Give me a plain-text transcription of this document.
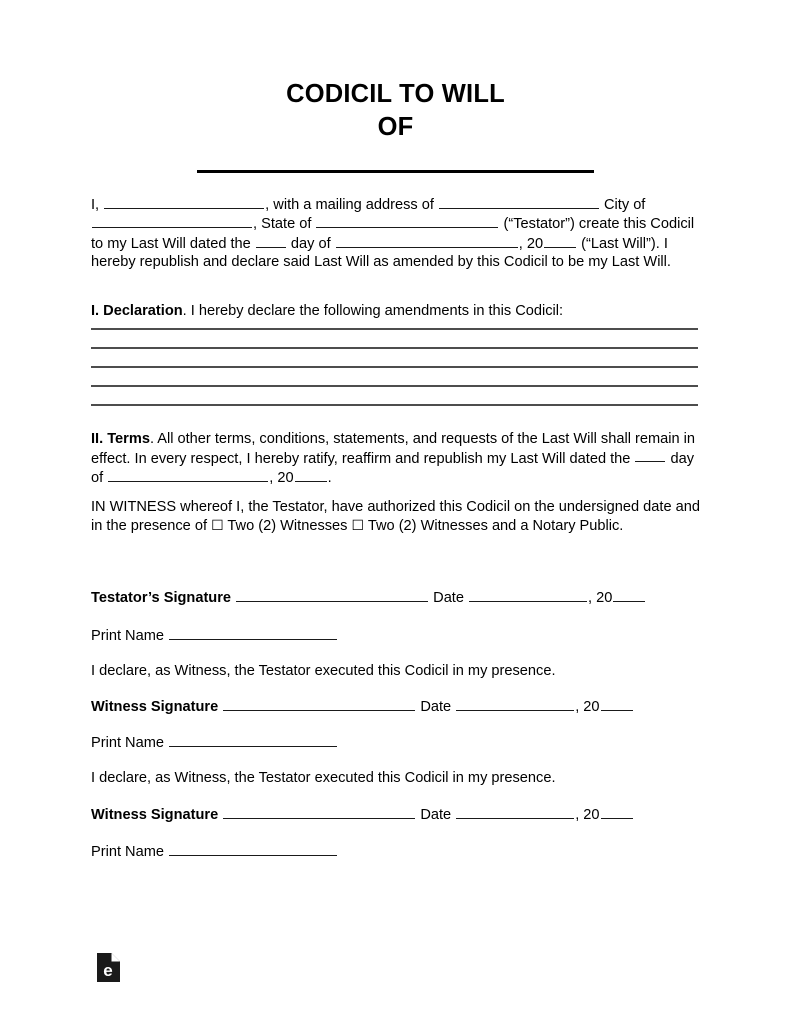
CODICIL TO WILL
OF
I,	, with a mailing address of	City of , State of	(“Testator”) create this Codicil to my Last Will dated the  day of	, 20 (“Last Will”). I hereby republish and declare said Last Will as amended by this Codicil to be my Last Will.
I. Declaration. I hereby declare the following amendments in this Codicil:
II. Terms. All other terms, conditions, statements, and requests of the Last Will shall remain in effect. In every respect, I hereby ratify, reaffirm and republish my Last Will dated the  day of	, 20 .
IN WITNESS whereof I, the Testator, have authorized this Codicil on the undersigned date and in the presence of ☐ Two (2) Witnesses ☐ Two (2) Witnesses and a Notary Public.
Testator’s Signature	Date	, 20
Print Name
I declare, as Witness, the Testator executed this Codicil in my presence.
Witness Signature	Date	, 20
Print Name
I declare, as Witness, the Testator executed this Codicil in my presence.
Witness Signature	Date	, 20
Print Name
e
